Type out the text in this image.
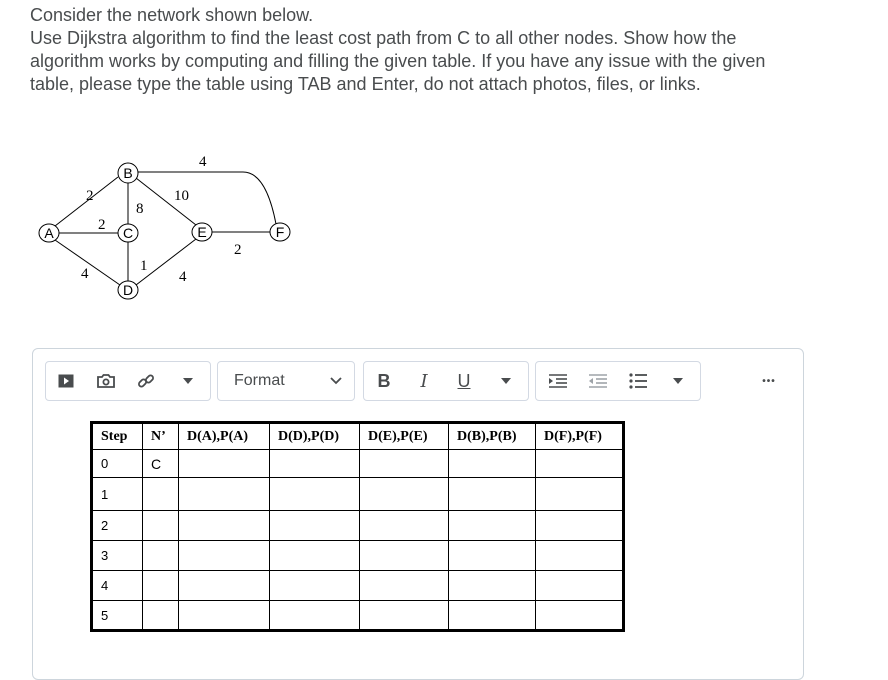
Consider the network shown below.

Use Dijkstra algorithm to find the least cost path from C to all other nodes. Show how the algorithm works by computing and filling the given table. If you have any issue with the given table, please type the table using TAB and Enter, do not attach photos, files, or links.

A
B
C
D
E	F
2
2
4
8
10
4
1
4
2
Format	B I U	•••
Step	N’	D(A),P(A)	D(D),P(D)	D(E),P(E)	D(B),P(B)	D(F),P(F)
0	C					
1						
2						
3						
4						
5						
